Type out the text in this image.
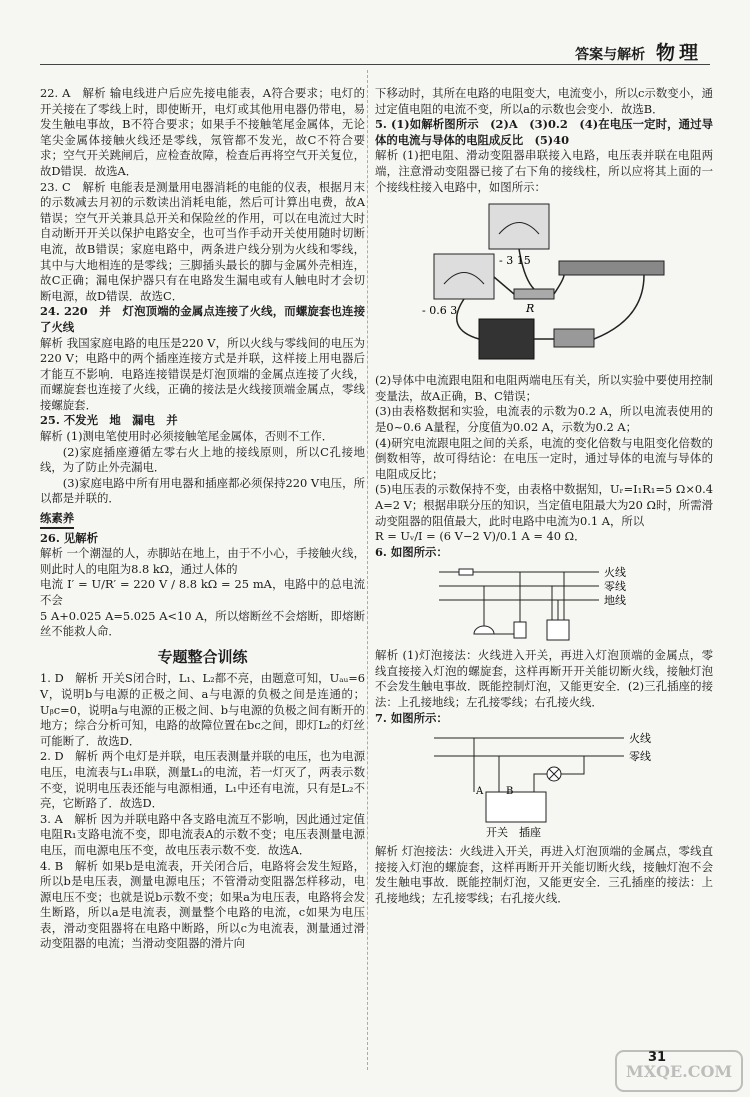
答案与解析 物理

22. A　解析 输电线进户后应先接电能表，A符合要求；电灯的开关接在了零线上时，即使断开，电灯或其他用电器仍带电，易发生触电事故，B不符合要求；如果手不接触笔尾金属体，无论笔尖金属体接触火线还是零线，氖管都不发光，故C不符合要求；空气开关跳闸后，应检查故障，检查后再将空气开关复位，故D错误．故选A．

23. C　解析 电能表是测量用电器消耗的电能的仪表，根据月末的示数减去月初的示数读出消耗电能，然后可计算出电费，故A错误；空气开关兼具总开关和保险丝的作用，可以在电流过大时自动断开开关以保护电路安全，也可当作手动开关使用随时切断电流，故B错误；家庭电路中，两条进户线分别为火线和零线，其中与大地相连的是零线；三脚插头最长的脚与金属外壳相连，故C正确；漏电保护器只有在电路发生漏电或有人触电时才会切断电源，故D错误．故选C．

24. 220　并　灯泡顶端的金属点连接了火线，而螺旋套也连接了火线

解析 我国家庭电路的电压是220 V，所以火线与零线间的电压为220 V；电路中的两个插座连接方式是并联，这样接上用电器后才能互不影响．电路连接错误是灯泡顶端的金属点连接了火线，而螺旋套也连接了火线，正确的接法是火线接顶端金属点，零线接螺旋套．

25. 不发光　地　漏电　并

解析 (1)测电笔使用时必须接触笔尾金属体，否则不工作．

(2)家庭插座遵循左零右火上地的接线原则，所以C孔接地线，为了防止外壳漏电．

(3)家庭电路中所有用电器和插座都必须保持220 V电压，所以都是并联的．

练素养

26. 见解析

解析 一个潮湿的人，赤脚站在地上，由于不小心，手接触火线，则此时人的电阻为8.8 kΩ，通过人体的

电流 I′ = U/R′ = 220 V / 8.8 kΩ = 25 mA，电路中的总电流不会

5 A+0.025 A=5.025 A<10 A，所以熔断丝不会熔断，即熔断丝不能救人命．

专题整合训练

1. D　解析 开关S闭合时，L₁、L₂都不亮，由题意可知，Uₐᵤ=6 V，说明b与电源的正极之间、a与电源的负极之间是连通的；Uᵦc=0，说明a与电源的正极之间、b与电源的负极之间有断开的地方；综合分析可知，电路的故障位置在bc之间，即灯L₂的灯丝可能断了．故选D．

2. D　解析 两个电灯是并联，电压表测量并联的电压，也为电源电压，电流表与L₁串联，测量L₁的电流，若一灯灭了，两表示数不变，说明电压表还能与电源相通，L₁中还有电流，只有是L₂不亮，它断路了．故选D．

3. A　解析 因为并联电路中各支路电流互不影响，因此通过定值电阻R₁支路电流不变，即电流表A的示数不变；电压表测量电源电压，而电源电压不变，故电压表示数不变．故选A．

4. B　解析 如果b是电流表，开关闭合后，电路将会发生短路，所以b是电压表，测量电源电压；不管滑动变阻器怎样移动，电源电压不变；也就是说b示数不变；如果a为电压表，电路将会发生断路，所以a是电流表，测量整个电路的电流，c如果为电压表，滑动变阻器将在电路中断路，所以c为电流表，测量通过滑动变阻器的电流；当滑动变阻器的滑片向

下移动时，其所在电路的电阻变大，电流变小，所以c示数变小，通过定值电阻的电流不变，所以a的示数也会变小．故选B．

5. (1)如解析图所示　(2)A　(3)0.2　(4)在电压一定时，通过导体的电流与导体的电阻成反比　(5)40

解析 (1)把电阻、滑动变阻器串联接入电路，电压表并联在电阻两端，注意滑动变阻器已接了右下角的接线柱，所以应将其上面的一个接线柱接入电路中，如图所示：

- 0.6 3
- 3 15
R

(2)导体中电流跟电阻和电阻两端电压有关，所以实验中要使用控制变量法，故A正确，B、C错误；

(3)由表格数据和实验，电流表的示数为0.2 A，所以电流表使用的是0~0.6 A量程，分度值为0.02 A，示数为0.2 A；

(4)研究电流跟电阻之间的关系，电流的变化倍数与电阻变化倍数的倒数相等，故可得结论：在电压一定时，通过导体的电流与导体的电阻成反比；

(5)电压表的示数保持不变，由表格中数据知，Uᵣ=I₁R₁=5 Ω×0.4 A=2 V；根据串联分压的知识，当定值电阻最大为20 Ω时，所需滑动变阻器的阻值最大，此时电路中电流为0.1 A，所以

R = Uᵥ/I = (6 V−2 V)/0.1 A = 40 Ω．

6. 如图所示：

火线
零线
地线

解析 (1)灯泡接法：火线进入开关，再进入灯泡顶端的金属点，零线直接接入灯泡的螺旋套，这样再断开开关能切断火线，接触灯泡不会发生触电事故．既能控制灯泡，又能更安全．(2)三孔插座的接法：上孔接地线；左孔接零线；右孔接火线．

7. 如图所示：

火线
零线
A B
开关　插座

解析 灯泡接法：火线进入开关，再进入灯泡顶端的金属点，零线直接接入灯泡的螺旋套，这样再断开开关能切断火线，接触灯泡不会发生触电事故．既能控制灯泡，又能更安全．三孔插座的接法：上孔接地线；左孔接零线；右孔接火线．

31
MXQE.COM
